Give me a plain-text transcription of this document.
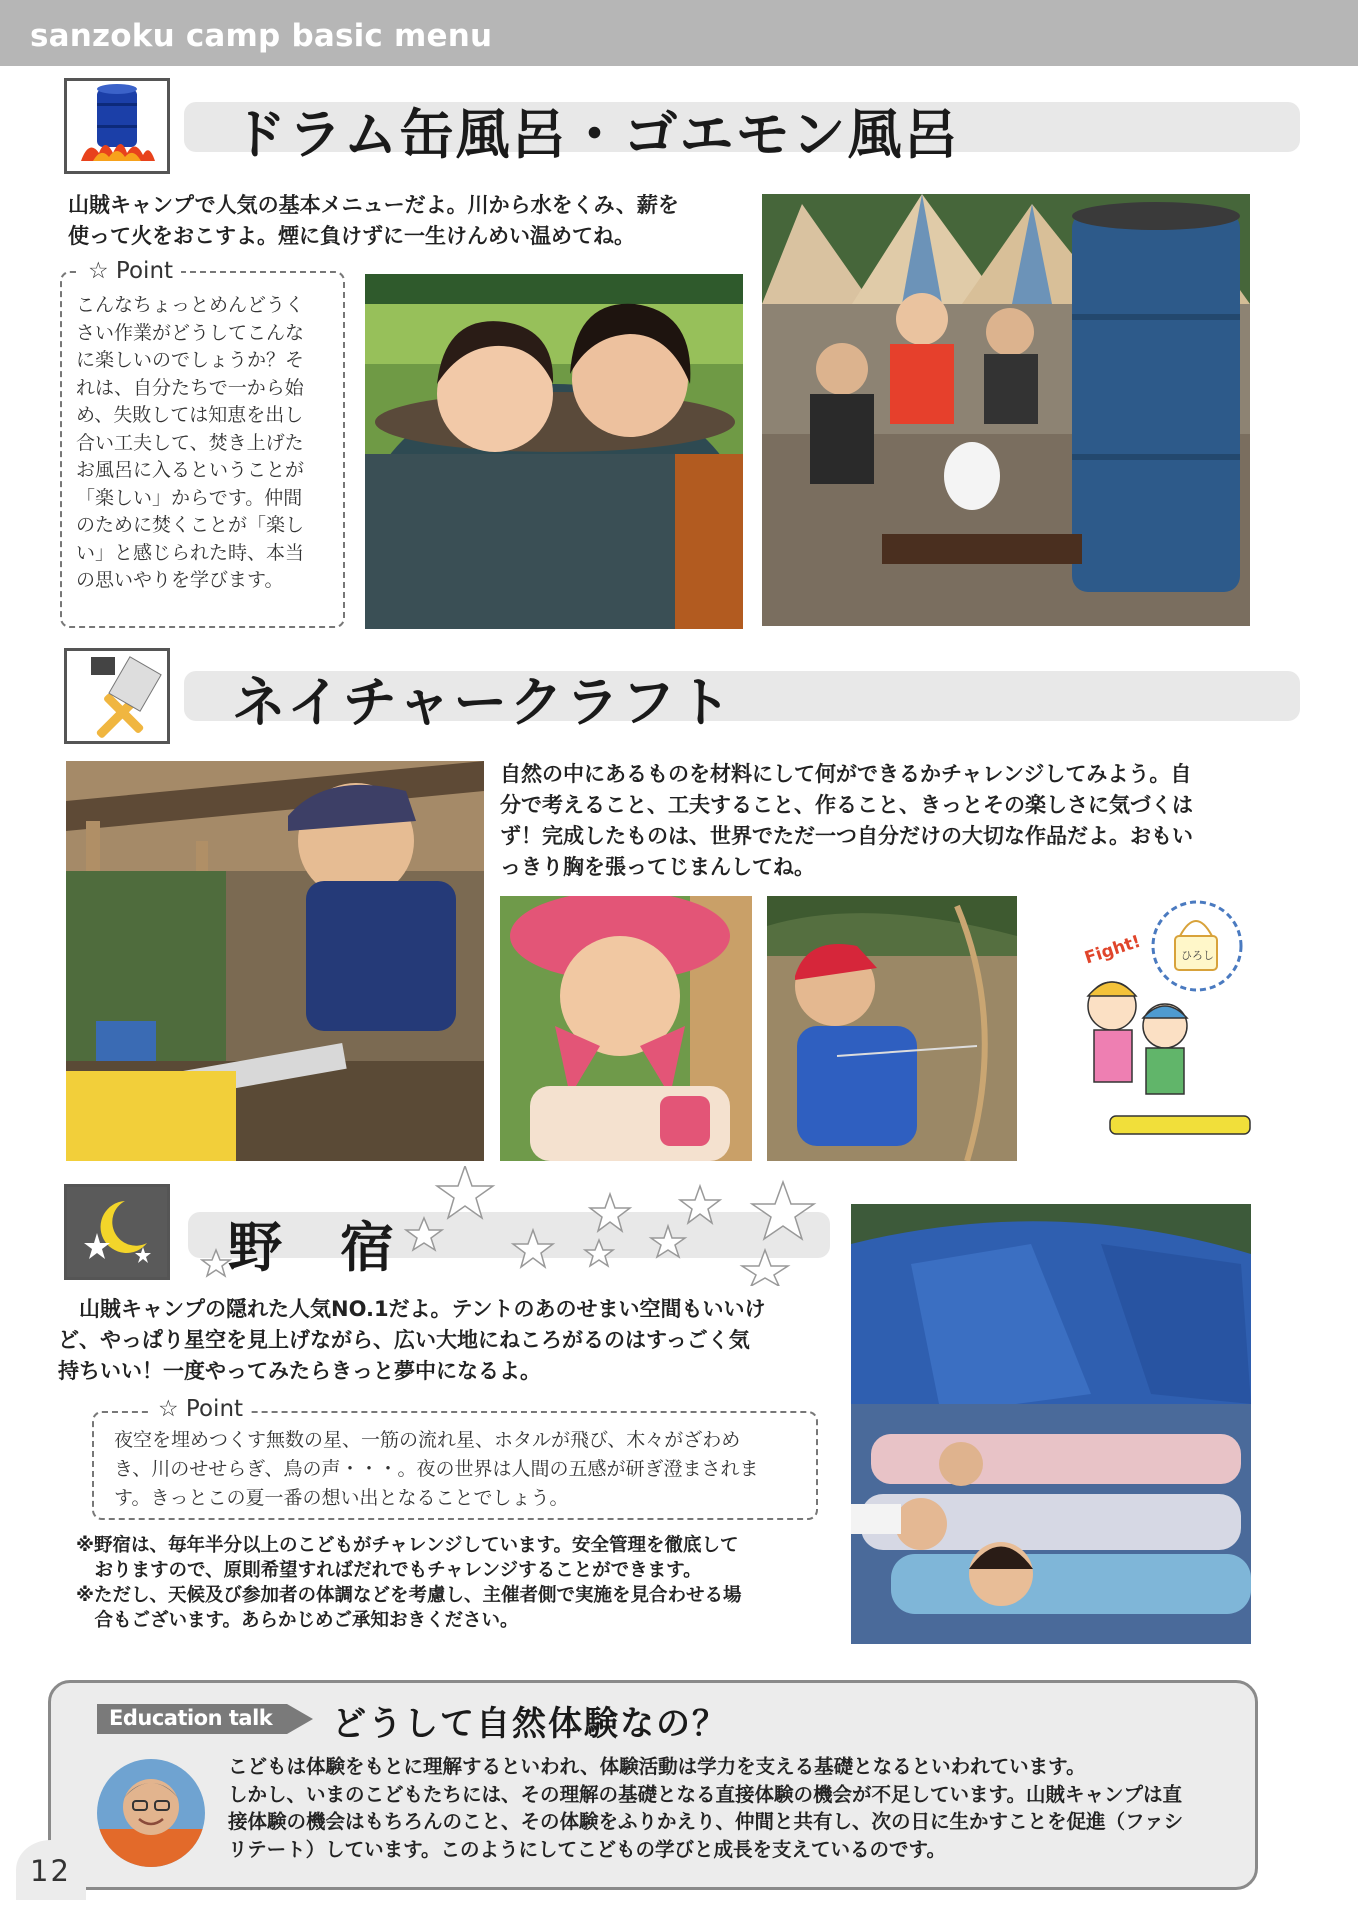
sanzoku camp basic menu
ドラム缶風呂・ゴエモン風呂
山賊キャンプで人気の基本メニューだよ。川から水をくみ、薪を
使って火をおこすよ。煙に負けずに一生けんめい温めてね。
☆ Point
こんなちょっとめんどうく
さい作業がどうしてこんな
に楽しいのでしょうか？そ
れは、自分たちで一から始
め、失敗しては知恵を出し
合い工夫して、焚き上げた
お風呂に入るということが
「楽しい」からです。仲間
のために焚くことが「楽し
い」と感じられた時、本当
の思いやりを学びます。
ネイチャークラフト
自然の中にあるものを材料にして何ができるかチャレンジしてみよう。自
分で考えること、工夫すること、作ること、きっとその楽しさに気づくは
ず！完成したものは、世界でただ一つ自分だけの大切な作品だよ。おもい
っきり胸を張ってじまんしてね。
ひろし
Fight!
野　宿
　山賊キャンプの隠れた人気NO.1だよ。テントのあのせまい空間もいいけ
ど、やっぱり星空を見上げながら、広い大地にねころがるのはすっごく気
持ちいい！一度やってみたらきっと夢中になるよ。
☆ Point
夜空を埋めつくす無数の星、一筋の流れ星、ホタルが飛び、木々がざわめ
き、川のせせらぎ、鳥の声・・・。夜の世界は人間の五感が研ぎ澄まされま
す。きっとこの夏一番の想い出となることでしょう。
※野宿は、毎年半分以上のこどもがチャレンジしています。安全管理を徹底して
　おりますので、原則希望すればだれでもチャレンジすることができます。
※ただし、天候及び参加者の体調などを考慮し、主催者側で実施を見合わせる場
　合もございます。あらかじめご承知おきください。
Education talk	どうして自然体験なの？
こどもは体験をもとに理解するといわれ、体験活動は学力を支える基礎となるといわれています。
しかし、いまのこどもたちには、その理解の基礎となる直接体験の機会が不足しています。山賊キャンプは直
接体験の機会はもちろんのこと、その体験をふりかえり、仲間と共有し、次の日に生かすことを促進（ファシ
リテート）しています。このようにしてこどもの学びと成長を支えているのです。
12
